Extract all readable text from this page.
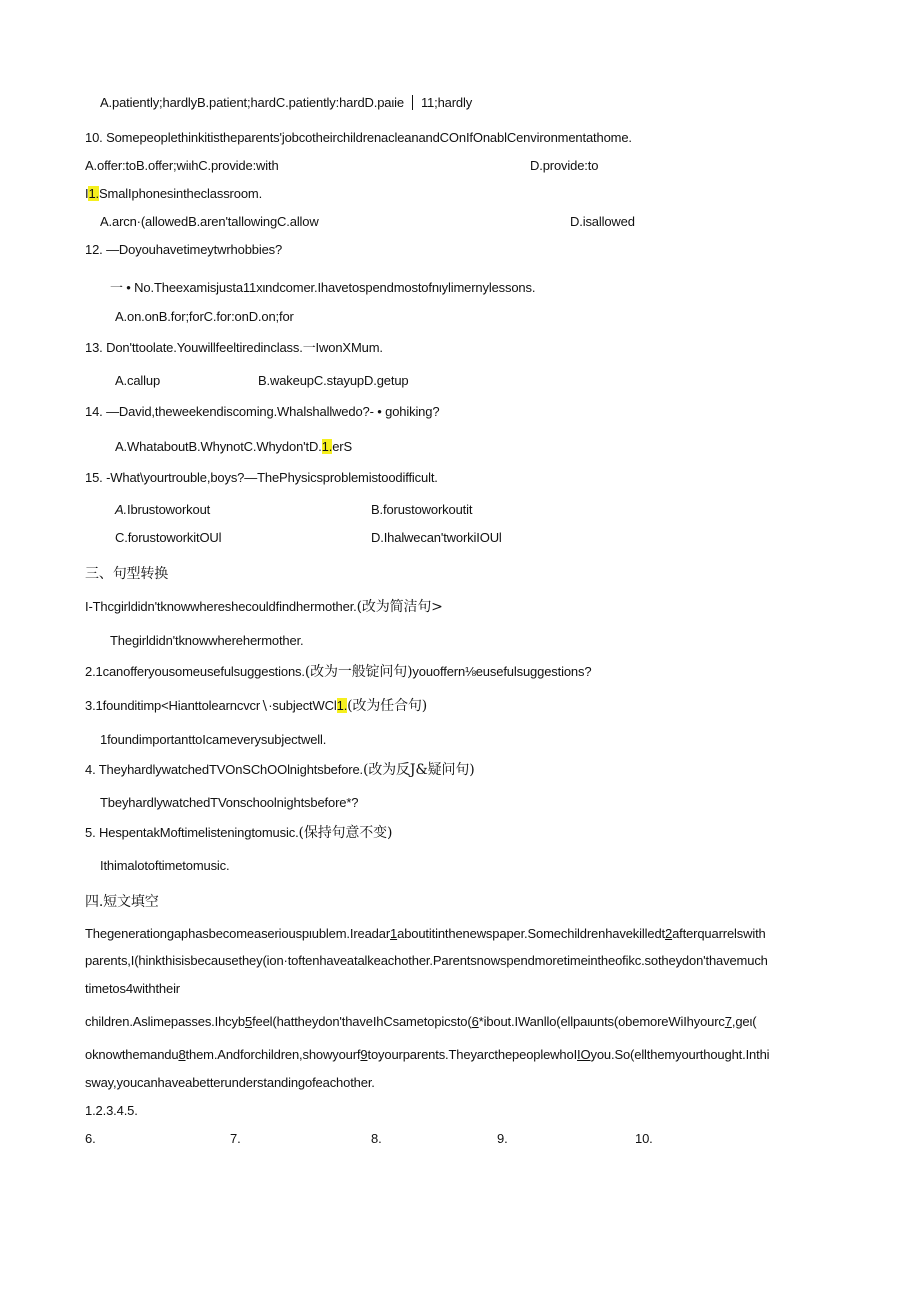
A.patiently;hardlyB.patient;hardC.patiently:hardD.paιie 11;hardly
10. Somepeoplethinkitistheparents'jobcotheirchildrenacleanandCOnIfOnablCenvironmentathome.
A.offer:toB.offer;wiιhC.provide:with	D.provide:to
I1.SmalIphonesintheclassroom.
A.arcn·(allowedB.aren'tallowingC.allow	D.isallowed
12. —Doyouhavetimeytwrhobbies?
一 • No.Theexamisjusta11xιndcomer.Ihavetospendmostofnιylimernylessons.
A.on.onB.for;forC.for:onD.on;for
13. Don'ttoolate.Youwillfeeltiredinclass.一IwonXMum.
A.callup	B.wakeupC.stayupD.getup
14. —David,theweekendiscoming.Whalshallwedo?- • gohiking?
A.WhataboutB.WhynotC.Whydon'tD.1.erS
15. -What\yourtrouble,boys?—ThePhysicsproblemistoodifficult.
A.Ibrustoworkout	B.forustoworkoutit
C.forustoworkitOUl	D.Ihalwecan'tworkiIOUl
三、句型转换
I-Thcgirldidn'tknowwhereshecouldfindhermother.(改为简洁句>
Thegirldidn'tknowwherehermother.
2.1canofferyousomeusefulsuggestions.(改为一般锭问句)youoffern⅛eusefulsuggestions?
3.1founditimp<Hianttolearncvcr∖·subjectWCl1.(改为任合句)
1foundimportanttoIcameverysubjectwell.
4. TheyhardlywatchedTVOnSChOOlnightsbefore.(改为反J&疑问句)
TbeyhardlywatchedTVonschoolnightsbefore*?
5. HespentakMoftimelisteningtomusic.(保持句意不变)
Ithimalotoftimetomusic.
四.短文填空
Thegenerationgaphasbecomeaseriouspιublem.Ireadar1aboutitinthenewspaper.Somechildrenhavekilledt2afterquarrelswith
parents,I(hinkthisisbecausethey(ion·toftenhaveatalkeachother.Parentsnowspendmoretimeintheofikc.sotheydon'thavemuch
timetos4withtheir
children.Aslimepasses.Ihcyb5feel(hattheydon'thaveIhCsametopicsto(6*ibout.IWanllo(ellpaιunts(obemoreWiIhyourc7,geι(
oknowthemandu8them.Andforchildren,showyourf9toyourparents.TheyarcthepeoplewhoIIOyou.So(ellthemyourthought.Inthi
sway,youcanhaveabetterunderstandingofeachother.
1.2.3.4.5.
6.	7.	8.	9.	10.
